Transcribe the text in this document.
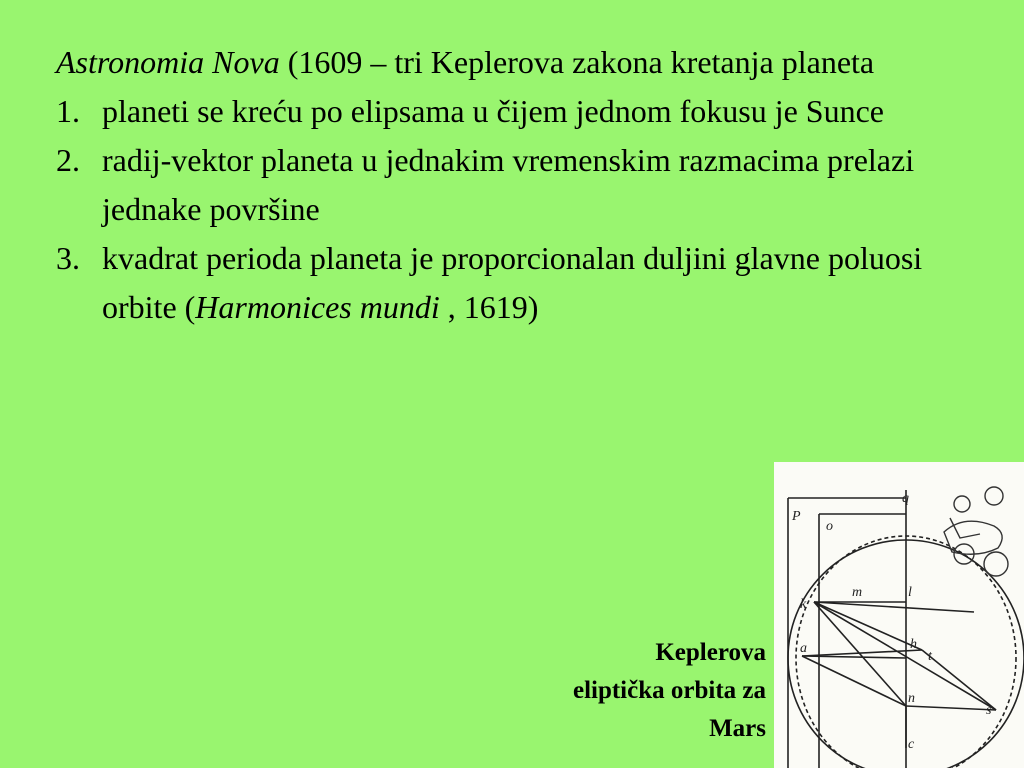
Astronomia Nova (1609 – tri Keplerova zakona kretanja planeta

1. planeti se kreću po elipsama u čijem jednom fokusu je Sunce

2. radij-vektor planeta u jednakim vremenskim razmacima prelazi jednake površine

3. kvadrat perioda planeta je proporcionalan duljini glavne poluosi orbite (Harmonices mundi , 1619)

Keplerova
eliptička orbita za
Mars
P
q
o
k
m	l
h
t
a
n
s
c
